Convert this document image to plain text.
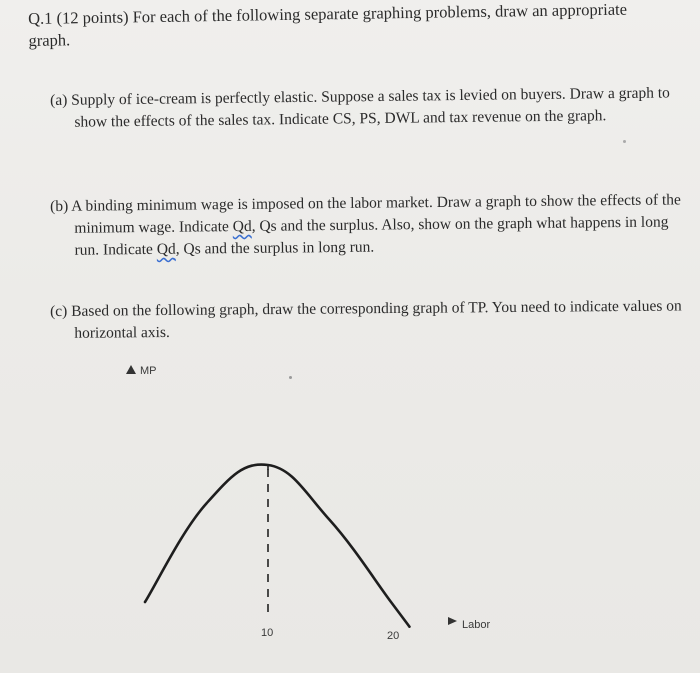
Q.1 (12 points) For each of the following separate graphing problems, draw an appropriate graph.
(a) Supply of ice-cream is perfectly elastic. Suppose a sales tax is levied on buyers. Draw a graph to show the effects of the sales tax. Indicate CS, PS, DWL and tax revenue on the graph.
(b) A binding minimum wage is imposed on the labor market. Draw a graph to show the effects of the minimum wage. Indicate Qd, Qs and the surplus. Also, show on the graph what happens in long run. Indicate Qd, Qs and the surplus in long run.
(c) Based on the following graph, draw the corresponding graph of TP. You need to indicate values on horizontal axis.
MP
Labor
10	20
